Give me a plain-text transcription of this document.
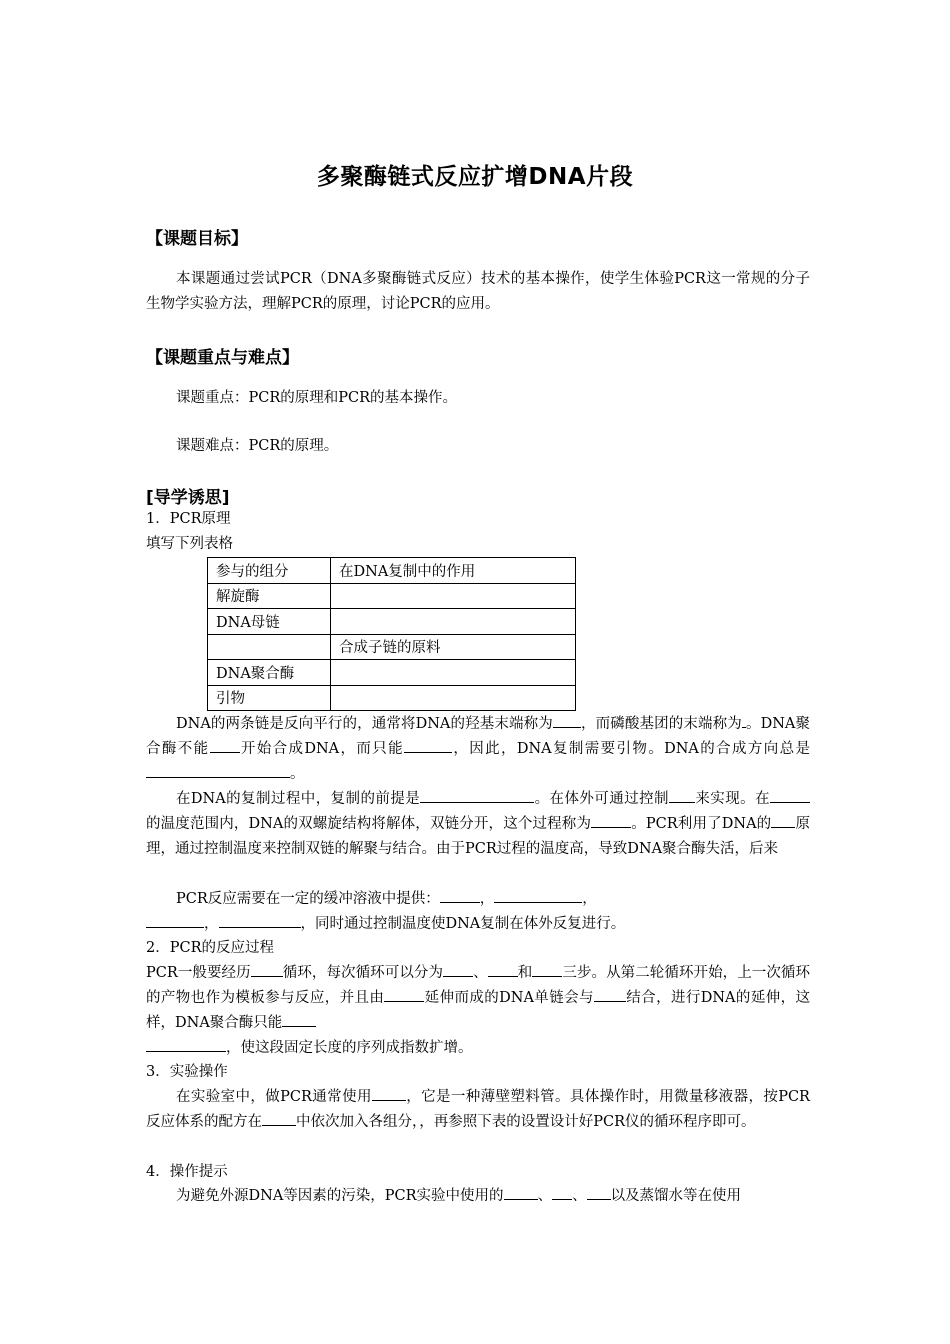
多聚酶链式反应扩增DNA片段
【课题目标】
本课题通过尝试PCR（DNA多聚酶链式反应）技术的基本操作，使学生体验PCR这一常规的分子生物学实验方法，理解PCR的原理，讨论PCR的应用。
【课题重点与难点】
课题重点：PCR的原理和PCR的基本操作。
课题难点：PCR的原理。
[导学诱思]
1．PCR原理
填写下列表格
参与的组分	在DNA复制中的作用
解旋酶	
DNA母链	
	合成子链的原料
DNA聚合酶	
引物	
DNA的两条链是反向平行的，通常将DNA的羟基末端称为 ，而磷酸基团的末端称为 。DNA聚合酶不能 开始合成DNA，而只能	，因此，DNA复制需要引物。DNA的合成方向总是。
在DNA的复制过程中，复制的前提是	。在体外可通过控制 来实现。在的温度范围内，DNA的双螺旋结构将解体，双链分开，这个过程称为	。PCR利用了DNA的 原理，通过控制温度来控制双链的解聚与结合。由于PCR过程的温度高，导致DNA聚合酶失活，后来
PCR反应需要在一定的缓冲溶液中提供：	，	，
，	，同时通过控制温度使DNA复制在体外反复进行。
2．PCR的反应过程
PCR一般要经历 循环，每次循环可以分为 、 和 三步。从第二轮循环开始，上一次循环的产物也作为模板参与反应，并且由	延伸而成的DNA单链会与 结合，进行DNA的延伸，这样，DNA聚合酶只能
，使这段固定长度的序列成指数扩增。
3．实验操作
在实验室中，做PCR通常使用 ，它是一种薄壁塑料管。具体操作时，用微量移液器，按PCR反应体系的配方在 中依次加入各组分，，再参照下表的设置设计好PCR仪的循环程序即可。
4．操作提示
为避免外源DNA等因素的污染，PCR实验中使用的 、 、 以及蒸馏水等在使用
